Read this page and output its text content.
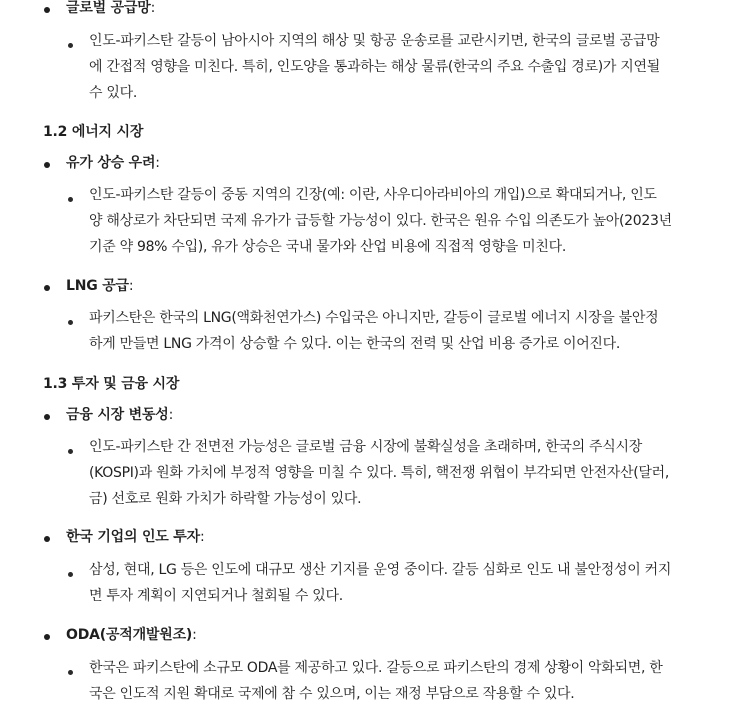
글로벌 공급망:
인도-파키스탄 갈등이 남아시아 지역의 해상 및 항공 운송로를 교란시키면, 한국의 글로벌 공급망
에 간접적 영향을 미친다. 특히, 인도양을 통과하는 해상 물류(한국의 주요 수출입 경로)가 지연될
수 있다.
1.2 에너지 시장
유가 상승 우려:
인도-파키스탄 갈등이 중동 지역의 긴장(예: 이란, 사우디아라비아의 개입)으로 확대되거나, 인도
양 해상로가 차단되면 국제 유가가 급등할 가능성이 있다. 한국은 원유 수입 의존도가 높아(2023년
기준 약 98% 수입), 유가 상승은 국내 물가와 산업 비용에 직접적 영향을 미친다.
LNG 공급:
파키스탄은 한국의 LNG(액화천연가스) 수입국은 아니지만, 갈등이 글로벌 에너지 시장을 불안정
하게 만들면 LNG 가격이 상승할 수 있다. 이는 한국의 전력 및 산업 비용 증가로 이어진다.
1.3 투자 및 금융 시장
금융 시장 변동성:
인도-파키스탄 간 전면전 가능성은 글로벌 금융 시장에 불확실성을 초래하며, 한국의 주식시장
(KOSPI)과 원화 가치에 부정적 영향을 미칠 수 있다. 특히, 핵전쟁 위협이 부각되면 안전자산(달러,
금) 선호로 원화 가치가 하락할 가능성이 있다.
한국 기업의 인도 투자:
삼성, 현대, LG 등은 인도에 대규모 생산 기지를 운영 중이다. 갈등 심화로 인도 내 불안정성이 커지
면 투자 계획이 지연되거나 철회될 수 있다.
ODA(공적개발원조):
한국은 파키스탄에 소규모 ODA를 제공하고 있다. 갈등으로 파키스탄의 경제 상황이 악화되면, 한
국은 인도적 지원 확대로 국제에 참 수 있으며, 이는 재정 부담으로 작용할 수 있다.
